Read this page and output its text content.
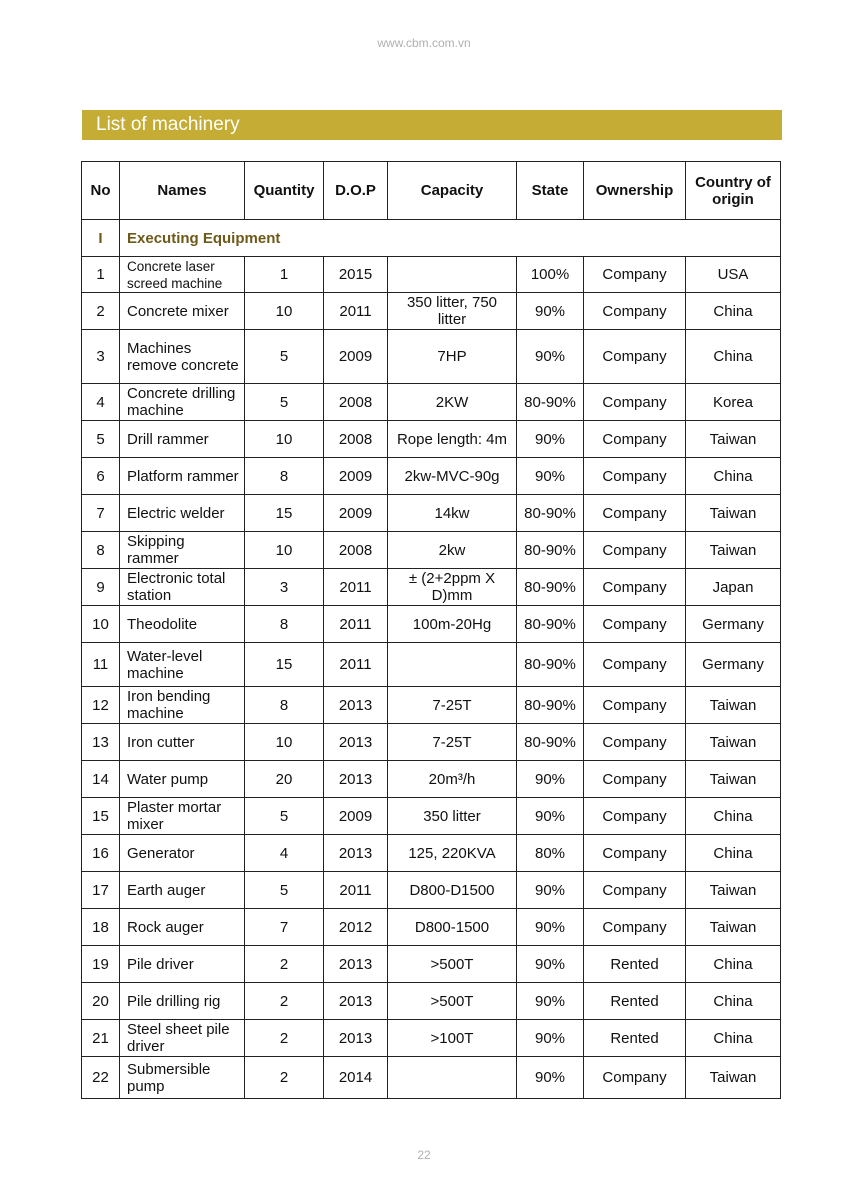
www.cbm.com.vn
List of machinery
No	Names	Quantity	D.O.P	Capacity	State	Ownership	Country of origin
I	Executing Equipment						
1	Concrete laser screed machine	1	2015		100%	Company	USA
2	Concrete mixer	10	2011	350 litter, 750 litter	90%	Company	China
3	Machines remove concrete	5	2009	7HP	90%	Company	China
4	Concrete drilling machine	5	2008	2KW	80-90%	Company	Korea
5	Drill rammer	10	2008	Rope length: 4m	90%	Company	Taiwan
6	Platform rammer	8	2009	2kw-MVC-90g	90%	Company	China
7	Electric welder	15	2009	14kw	80-90%	Company	Taiwan
8	Skipping rammer	10	2008	2kw	80-90%	Company	Taiwan
9	Electronic total station	3	2011	± (2+2ppm X D)mm	80-90%	Company	Japan
10	Theodolite	8	2011	100m-20Hg	80-90%	Company	Germany
11	Water-level machine	15	2011		80-90%	Company	Germany
12	Iron bending machine	8	2013	7-25T	80-90%	Company	Taiwan
13	Iron cutter	10	2013	7-25T	80-90%	Company	Taiwan
14	Water pump	20	2013	20m³/h	90%	Company	Taiwan
15	Plaster mortar mixer	5	2009	350 litter	90%	Company	China
16	Generator	4	2013	125, 220KVA	80%	Company	China
17	Earth auger	5	2011	D800-D1500	90%	Company	Taiwan
18	Rock auger	7	2012	D800-1500	90%	Company	Taiwan
19	Pile driver	2	2013	>500T	90%	Rented	China
20	Pile drilling rig	2	2013	>500T	90%	Rented	China
21	Steel sheet pile driver	2	2013	>100T	90%	Rented	China
22	Submersible pump	2	2014		90%	Company	Taiwan
22
